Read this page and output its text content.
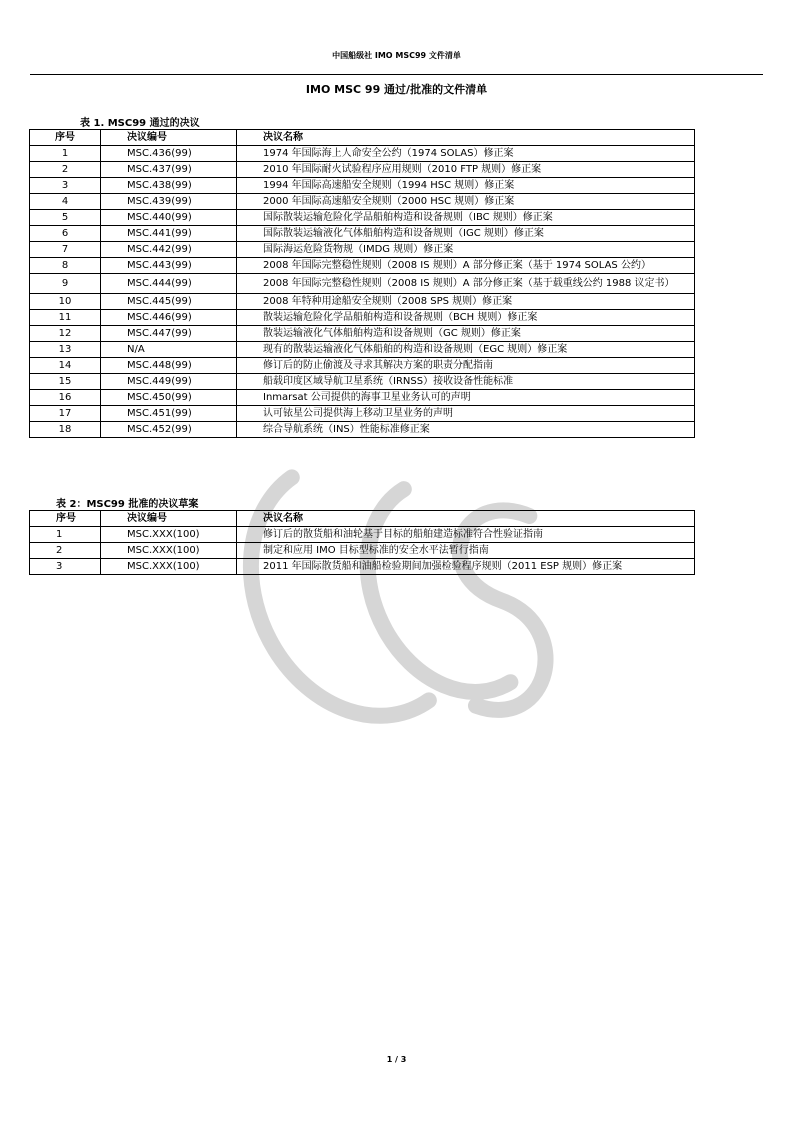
中国船级社 IMO MSC99 文件清单
IMO MSC 99 通过/批准的文件清单
表 1. MSC99 通过的决议
序号	决议编号	决议名称
1	MSC.436(99)	1974 年国际海上人命安全公约（1974 SOLAS）修正案
2	MSC.437(99)	2010 年国际耐火试验程序应用规则（2010 FTP 规则）修正案
3	MSC.438(99)	1994 年国际高速船安全规则（1994 HSC 规则）修正案
4	MSC.439(99)	2000 年国际高速船安全规则（2000 HSC 规则）修正案
5	MSC.440(99)	国际散装运输危险化学品船舶构造和设备规则（IBC 规则）修正案
6	MSC.441(99)	国际散装运输液化气体船舶构造和设备规则（IGC 规则）修正案
7	MSC.442(99)	国际海运危险货物规（IMDG 规则）修正案
8	MSC.443(99)	2008 年国际完整稳性规则（2008 IS 规则）A 部分修正案（基于 1974 SOLAS 公约）
9	MSC.444(99)	2008 年国际完整稳性规则（2008 IS 规则）A 部分修正案（基于载重线公约 1988 议定书）
10	MSC.445(99)	2008 年特种用途船安全规则（2008 SPS 规则）修正案
11	MSC.446(99)	散装运输危险化学品船舶构造和设备规则（BCH 规则）修正案
12	MSC.447(99)	散装运输液化气体船舶构造和设备规则（GC 规则）修正案
13	N/A	现有的散装运输液化气体船舶的构造和设备规则（EGC 规则）修正案
14	MSC.448(99)	修订后的防止偷渡及寻求其解决方案的职责分配指南
15	MSC.449(99)	船载印度区域导航卫星系统（IRNSS）接收设备性能标准
16	MSC.450(99)	Inmarsat 公司提供的海事卫星业务认可的声明
17	MSC.451(99)	认可铱星公司提供海上移动卫星业务的声明
18	MSC.452(99)	综合导航系统（INS）性能标准修正案
表 2：MSC99 批准的决议草案
序号	决议编号	决议名称
1	MSC.XXX(100)	修订后的散货船和油轮基于目标的船舶建造标准符合性验证指南
2	MSC.XXX(100)	制定和应用 IMO 目标型标准的安全水平法暂行指南
3	MSC.XXX(100)	2011 年国际散货船和油船检验期间加强检验程序规则（2011 ESP 规则）修正案
1 / 3
